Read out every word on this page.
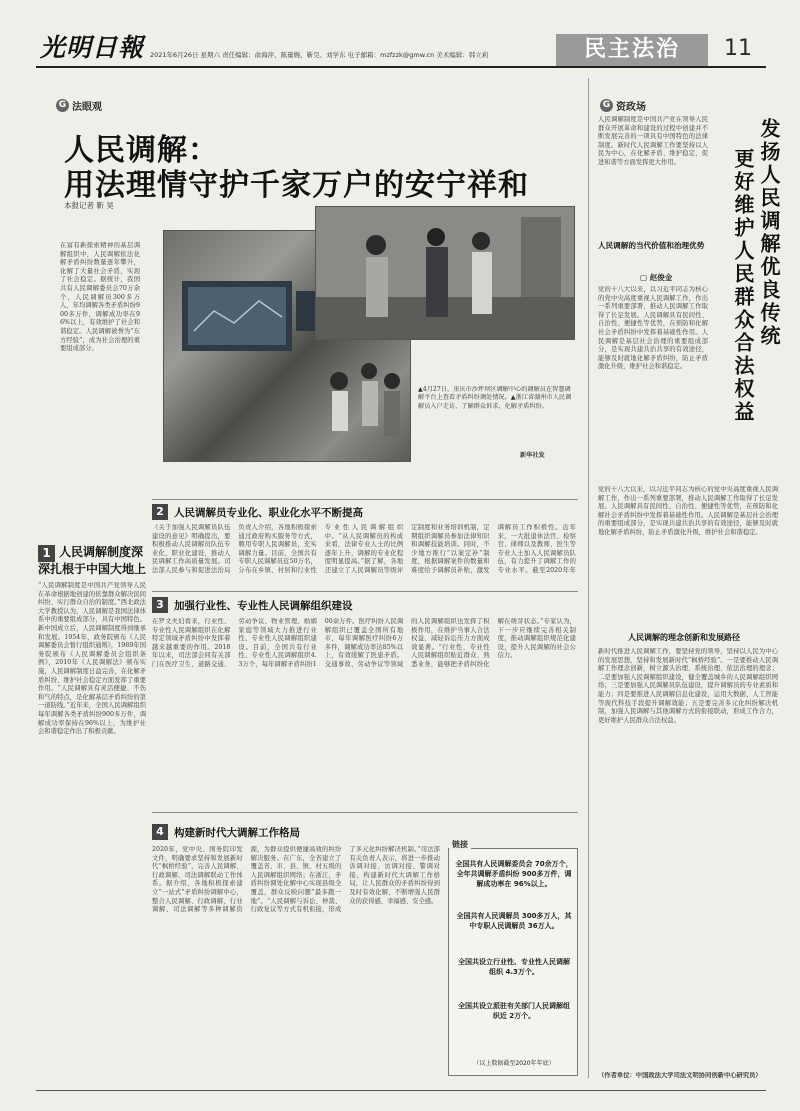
光明日報 2021年6月26日 星期六 责任编辑：俞海萍、陈量婉、靳昊、刘学东 电子邮箱：mzfzzk@gmw.cn 美术编辑：韩立莉	民主法治	11
G 法眼观
人民调解：
用法理情守护千家万户的安宁祥和
本报记者 靳 昊
在富有新探索精神的基层调解组织中，人民调解依法化解矛盾纠纷数量逐年攀升，化解了大量社会矛盾，实现了社会稳定。据统计，我国共有人民调解委员会70万余个，人民调解员300多万人，年均调解各类矛盾纠纷900多万件，调解成功率在96%以上，有效维护了社会和谐稳定。人民调解被誉为“东方经验”，成为社会治理的重要组成部分。
▲4月27日，重庆市沙坪坝区调解中心的调解员在智慧调解平台上查看矛盾纠纷调处情况。▲浙江省湖州市人民调解员入户走访，了解群众诉求，化解矛盾纠纷。
新华社发
2 人民调解员专业化、职业化水平不断提高
《关于加强人民调解员队伍建设的意见》明确提出，要积极推动人民调解员队伍专业化、职业化建设，推动人民调解工作高质量发展。司法部人民参与和促进法治局负责人介绍，各地积极探索通过政府购买服务等方式，聘用专职人民调解员，充实调解力量。目前，全国共有专职人民调解员近50万名，分布在乡镇、村居和行业性专业性人民调解组织中。“从人民调解员的构成来看，法律专业人士的比例逐年上升，调解的专业化程度明显提高。”据了解，各地还建立了人民调解员等级评定制度和业务培训机制，定期组织调解员参加法律知识和调解技能培训。同时，不少地方推行“以案定补”制度，根据调解案件的数量和难度给予调解员补贴，激发调解员工作积极性。近年来，一大批退休法官、检察官、律师以及教师、医生等专业人士加入人民调解员队伍，有力提升了调解工作的专业水平。截至2020年年
1 人民调解制度深
深扎根于中国大地上
“人民调解制度是中国共产党领导人民在革命根据地创建的依靠群众解决民间纠纷、实行群众自治的制度。”西北政法大学教授认为，人民调解是我国法律体系中的重要组成部分，具有中国特色。新中国成立后，人民调解制度得到继承和发展。1954年，政务院颁布《人民调解委员会暂行组织通则》，1989年国务院颁布《人民调解委员会组织条例》，2010年《人民调解法》颁布实施，人民调解制度日益完善，在化解矛盾纠纷、维护社会稳定方面发挥了重要作用。“人民调解具有灵活便捷、不伤和气的特点，是化解基层矛盾纠纷的第一道防线。”近年来，全国人民调解组织每年调解各类矛盾纠纷900多万件，调解成功率保持在96%以上，为维护社会和谐稳定作出了积极贡献。
3 加强行业性、专业性人民调解组织建设
在罗文夫妇看来，行业性、专业性人民调解组织在化解特定领域矛盾纠纷中发挥着越来越重要的作用。2018年以来，司法部会同有关部门在医疗卫生、道路交通、劳动争议、物业管理、婚姻家庭等领域大力推进行业性、专业性人民调解组织建设。目前，全国共有行业性、专业性人民调解组织4.3万个，每年调解矛盾纠纷100余万件。医疗纠纷人民调解组织已覆盖全国所有地市，每年调解医疗纠纷6万多件，调解成功率达85%以上，有效缓解了医患矛盾。交通事故、劳动争议等领域的人民调解组织也发挥了积极作用，在维护当事人合法权益、减轻诉讼压力方面成效显著。“行业性、专业性人民调解组织贴近群众、熟悉业务，能够把矛盾纠纷化解在萌芽状态。”专家认为，下一步应继续完善相关制度，推动调解组织规范化建设，提升人民调解的社会公信力。
4 构建新时代大调解工作格局
2020年，党中央、国务院印发文件，明确要求坚持和发展新时代“枫桥经验”，完善人民调解、行政调解、司法调解联动工作体系。据介绍，各地积极探索建立“一站式”矛盾纠纷调解中心，整合人民调解、行政调解、行业调解、司法调解等多种调解资源，为群众提供便捷高效的纠纷解决服务。在广东，全省建立了覆盖省、市、县、镇、村五级的人民调解组织网络；在浙江，矛盾纠纷调处化解中心实现县级全覆盖，群众反映问题“最多跑一地”。“人民调解与诉讼、仲裁、行政复议等方式有机衔接，形成了多元化纠纷解决机制。”司法部有关负责人表示，将进一步推动诉调对接、访调对接、警调对接，构建新时代大调解工作格局，让人民群众的矛盾纠纷得到及时有效化解，不断增强人民群众的获得感、幸福感、安全感。
链接
全国共有人民调解委员会 70余万个，全年共调解矛盾纠纷 900多万件，调解成功率在 96%以上。
全国共有人民调解员 300多万人，其中专职人民调解员 36万人。
全国共设立行业性、专业性人民调解组织 4.3万个。
全国共设立派驻有关部门人民调解组织近 2万个。
（以上数据截至2020年年底）
G 资政场
人民调解制度是中国共产党在领导人民群众开展革命和建设的过程中创建并不断发展完善的一项具有中国特色的法律制度。新时代人民调解工作要坚持以人民为中心，在化解矛盾、维护稳定、促进和谐等方面发挥更大作用。	发扬人民调解优良传统
更好维护人民群众合法权益
人民调解的当代价值和治理优势
▢ 赵俊金
党的十八大以来，以习近平同志为核心的党中央高度重视人民调解工作，作出一系列重要部署，推动人民调解工作取得了长足发展。人民调解具有民间性、自治性、便捷性等优势，在预防和化解社会矛盾纠纷中发挥着基础性作用。人民调解是基层社会治理的重要组成部分，是实现共建共治共享的有效途径，能够及时就地化解矛盾纠纷，防止矛盾激化升级，维护社会和谐稳定。
党的十八大以来，以习近平同志为核心的党中央高度重视人民调解工作，作出一系列重要部署，推动人民调解工作取得了长足发展。人民调解具有民间性、自治性、便捷性等优势，在预防和化解社会矛盾纠纷中发挥着基础性作用。人民调解是基层社会治理的重要组成部分，是实现共建共治共享的有效途径，能够及时就地化解矛盾纠纷，防止矛盾激化升级，维护社会和谐稳定。
人民调解的理念创新和发展路径
新时代推进人民调解工作，要坚持党的领导，坚持以人民为中心的发展思想，坚持和发展新时代“枫桥经验”。一是要推动人民调解工作理念创新，树立源头治理、系统治理、依法治理的理念；二是要加强人民调解组织建设，健全覆盖城乡的人民调解组织网络；三是要加强人民调解员队伍建设，提升调解员的专业素质和能力；四是要推进人民调解信息化建设，运用大数据、人工智能等现代科技手段提升调解效能；五是要完善多元化纠纷解决机制，加强人民调解与其他调解方式的衔接联动，形成工作合力，更好维护人民群众合法权益。
（作者单位：中国政法大学司法文明协同创新中心研究员）
